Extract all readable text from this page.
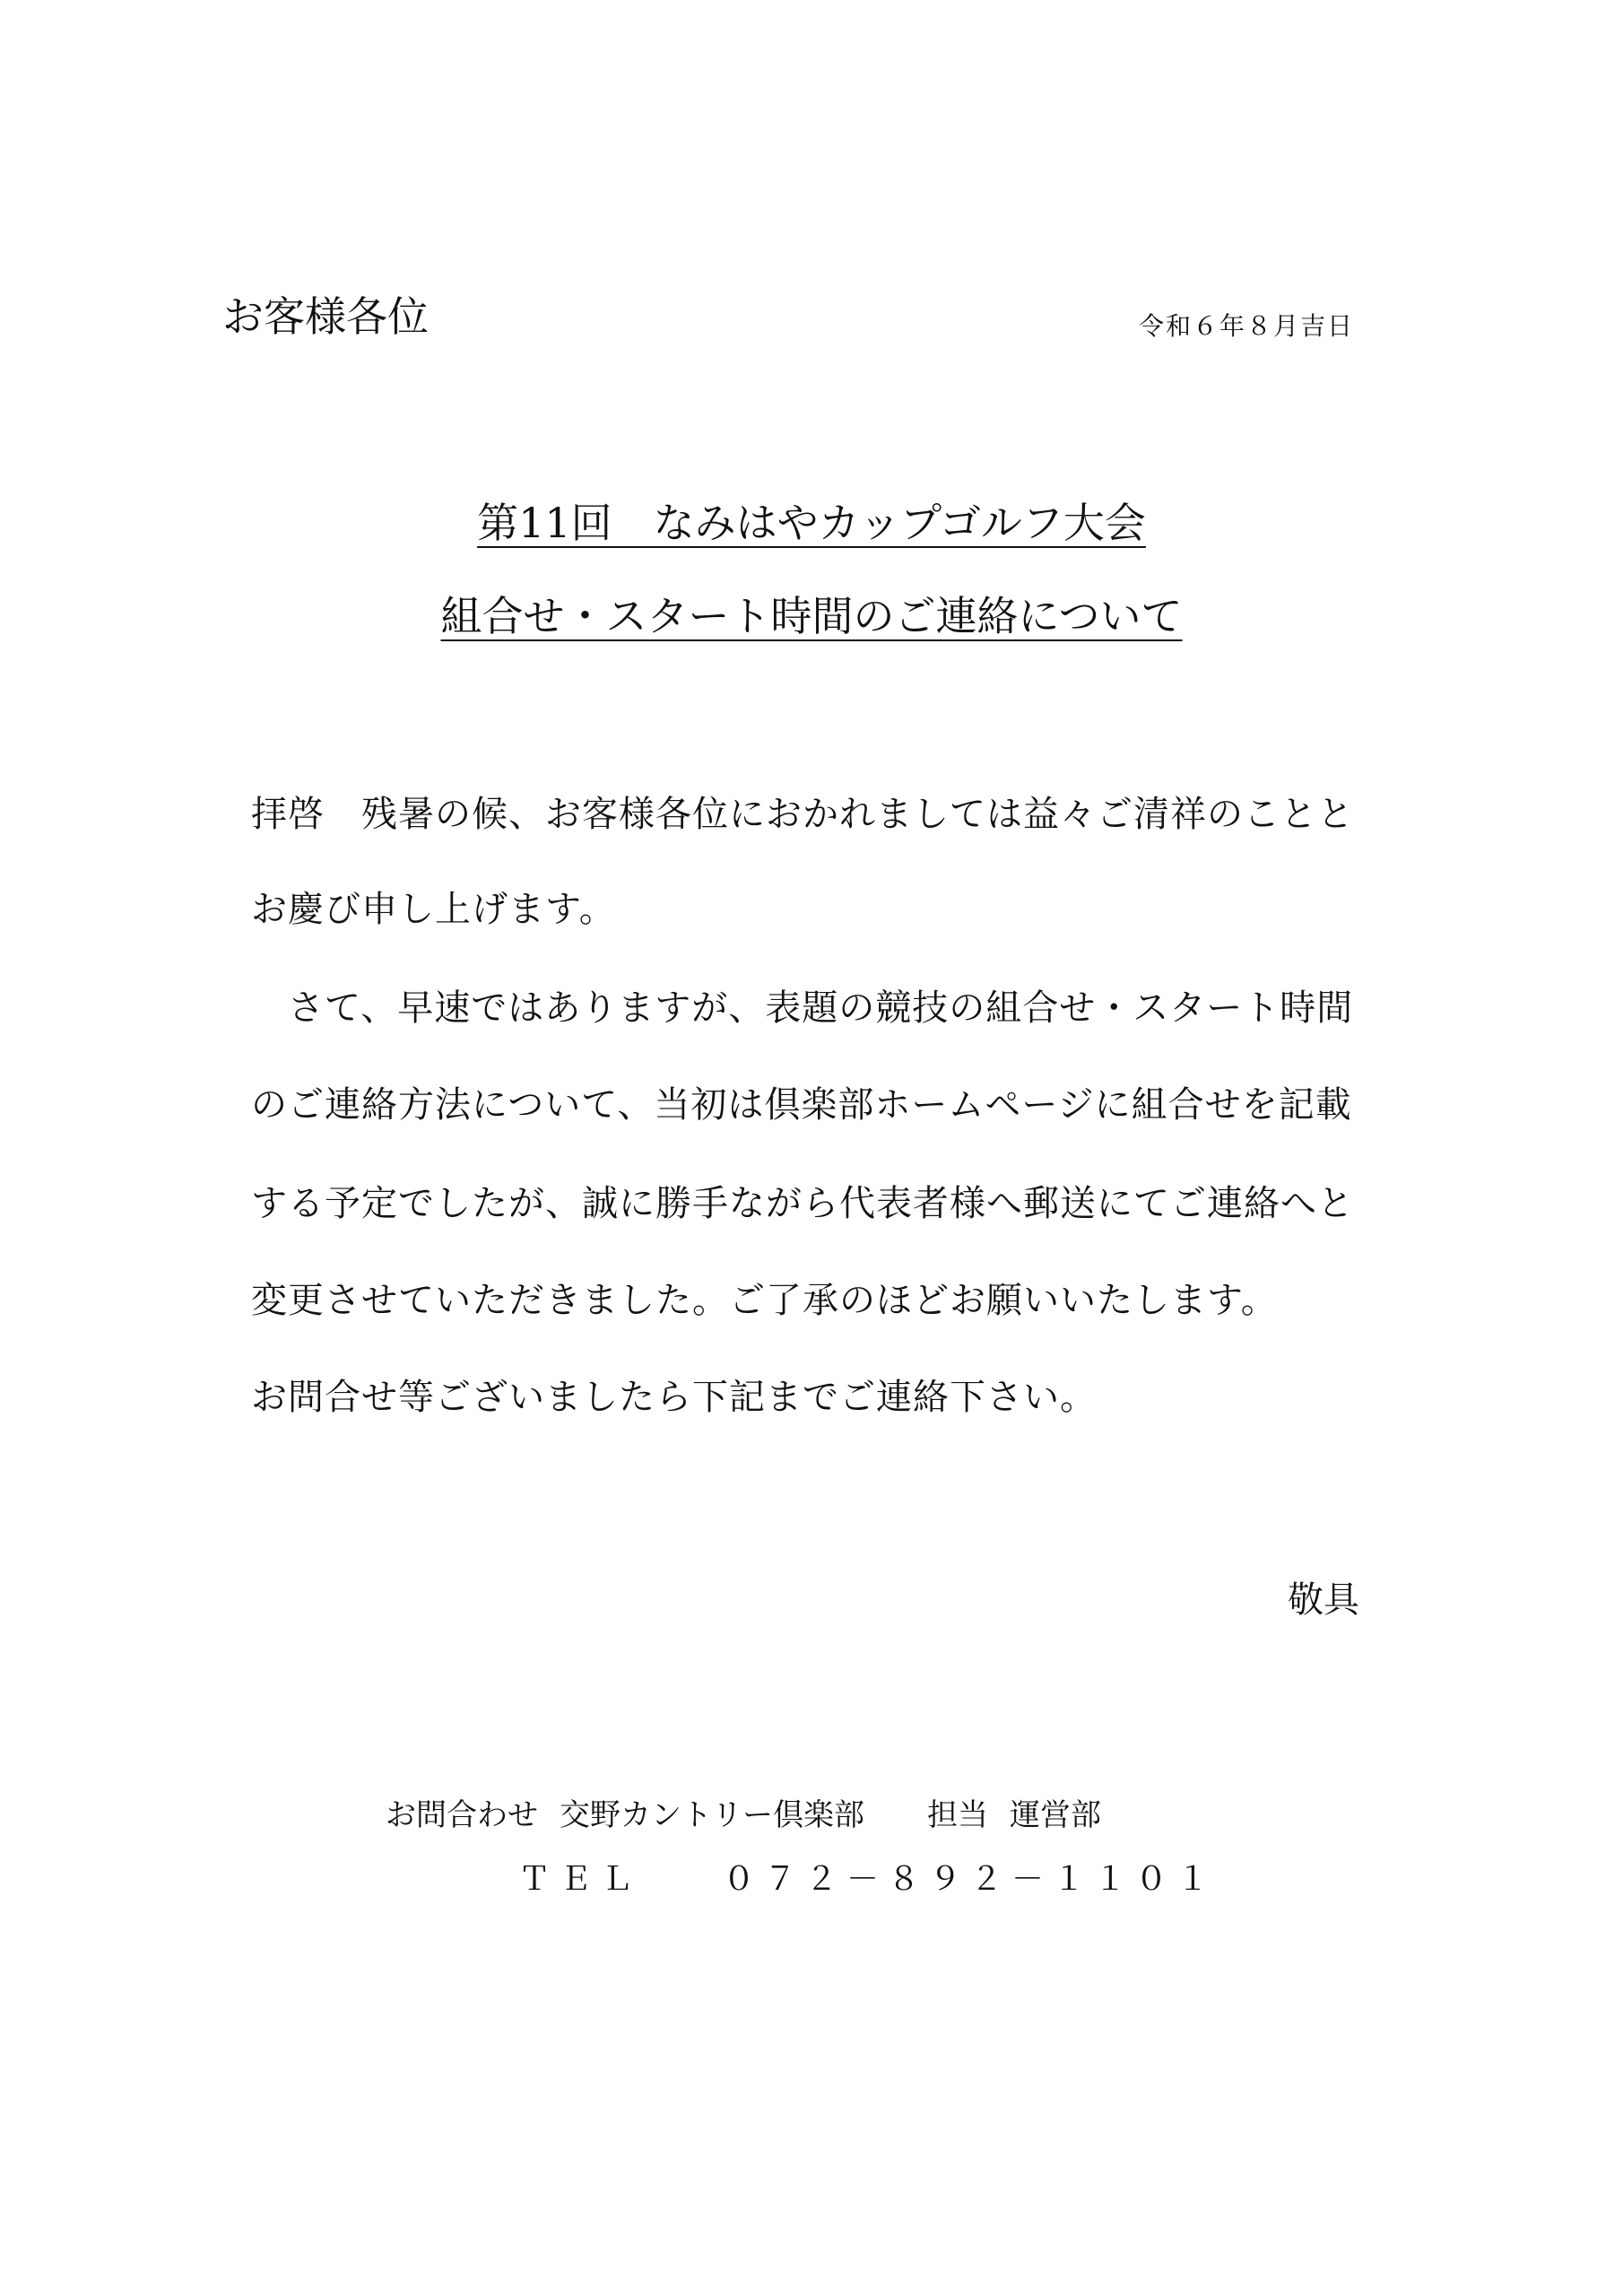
お客様各位	令和６年８月吉日
第11回　なみはやカップゴルフ大会
組合せ・スタート時間のご連絡について
拝啓　残暑の候、お客様各位におかれましては益々ご清祥のことと
お慶び申し上げます。
　さて、早速ではありますが、表題の競技の組合せ・スタート時間
のご連絡方法について、当初は倶楽部ホームページに組合せを記載
する予定でしたが、誠に勝手ながら代表者様へ郵送にてご連絡へと
変更させていただきました。ご了承のほどお願いいたします。
お問合せ等ございましたら下記までご連絡下さい。
敬具
お問合わせ 交野カントリー倶楽部 担当 運営部
ＴＥＬ	０７２－８９２－１１０１
